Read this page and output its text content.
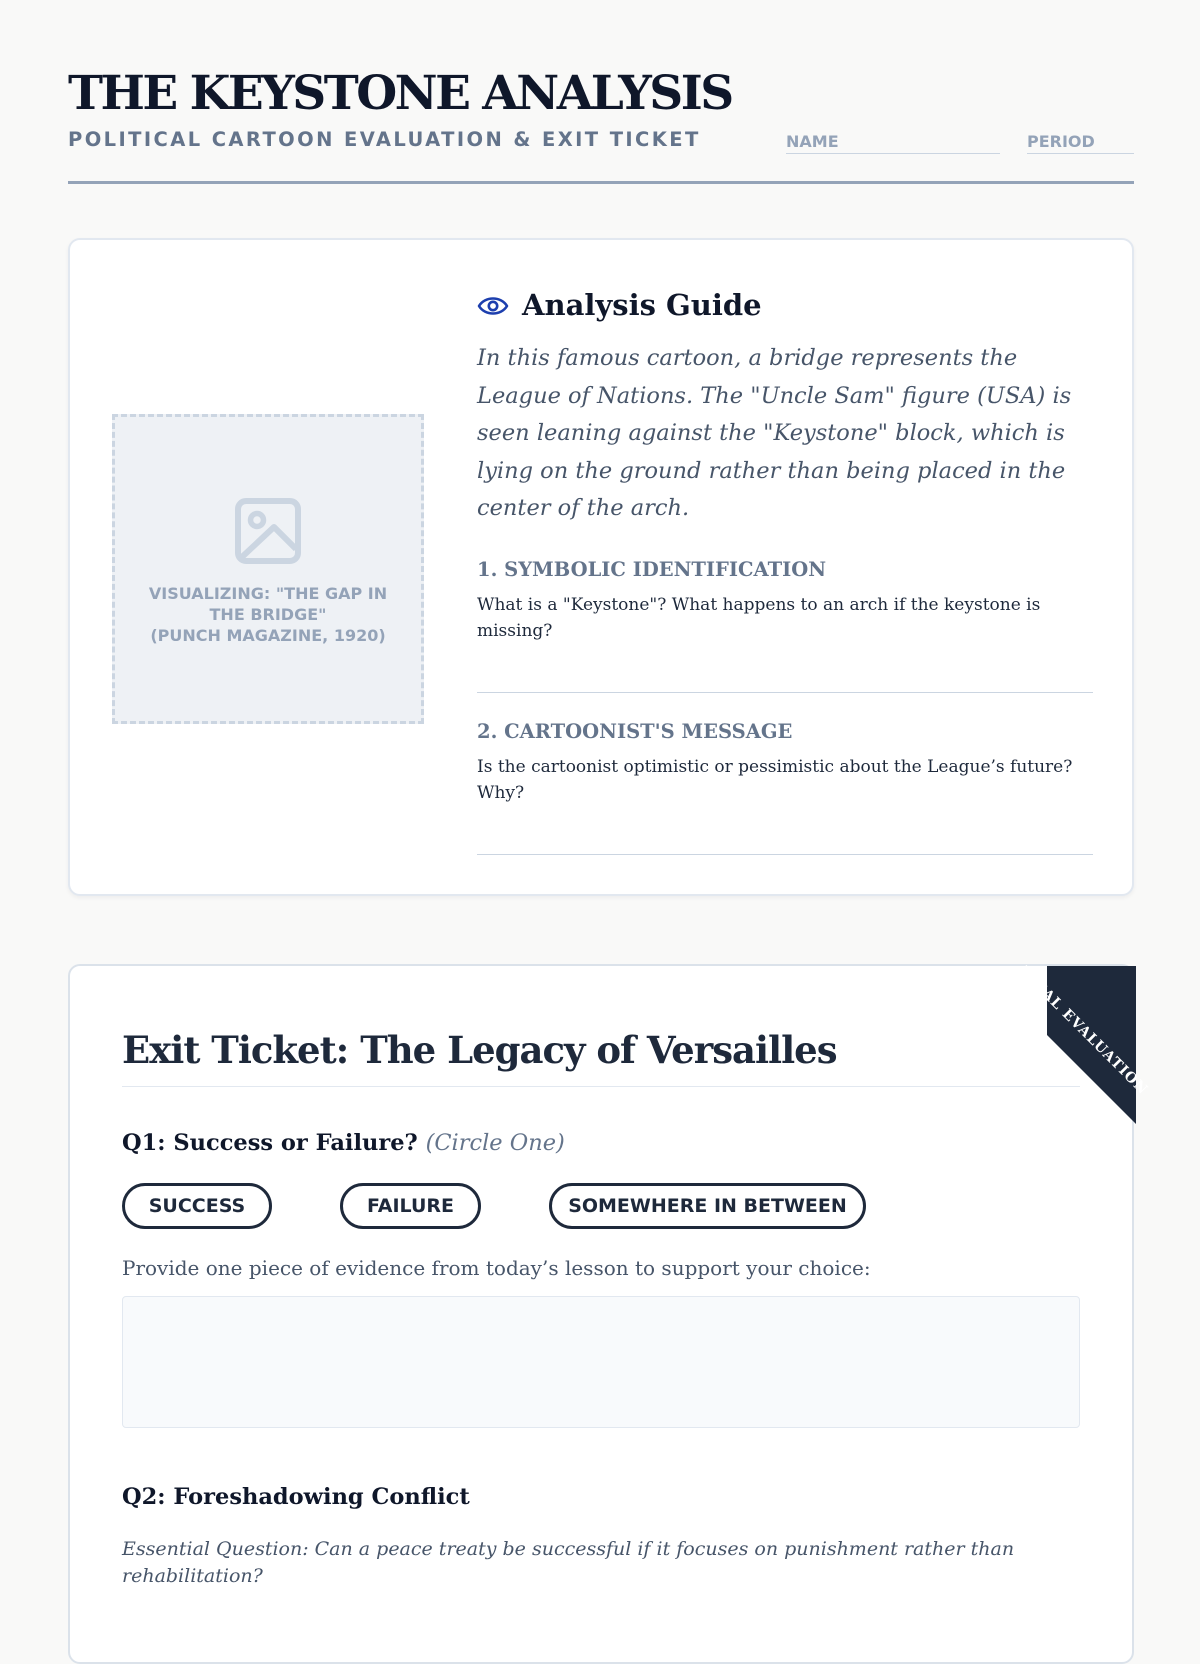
THE KEYSTONE ANALYSIS
POLITICAL CARTOON EVALUATION & EXIT TICKET
NAME
PERIOD
VISUALIZING: "THE GAP IN
THE BRIDGE"
(PUNCH MAGAZINE, 1920)
Analysis Guide
In this famous cartoon, a bridge represents the League of Nations. The "Uncle Sam" figure (USA) is seen leaning against the "Keystone" block, which is lying on the ground rather than being placed in the center of the arch.
1. SYMBOLIC IDENTIFICATION
What is a "Keystone"? What happens to an arch if the keystone is missing?
2. CARTOONIST'S MESSAGE
Is the cartoonist optimistic or pessimistic about the League’s future? Why?
FINAL EVALUATION
Exit Ticket: The Legacy of Versailles
Q1: Success or Failure? (Circle One)
SUCCESS	FAILURE	SOMEWHERE IN BETWEEN
Provide one piece of evidence from today’s lesson to support your choice:
Q2: Foreshadowing Conflict
Essential Question: Can a peace treaty be successful if it focuses on punishment rather than rehabilitation?
